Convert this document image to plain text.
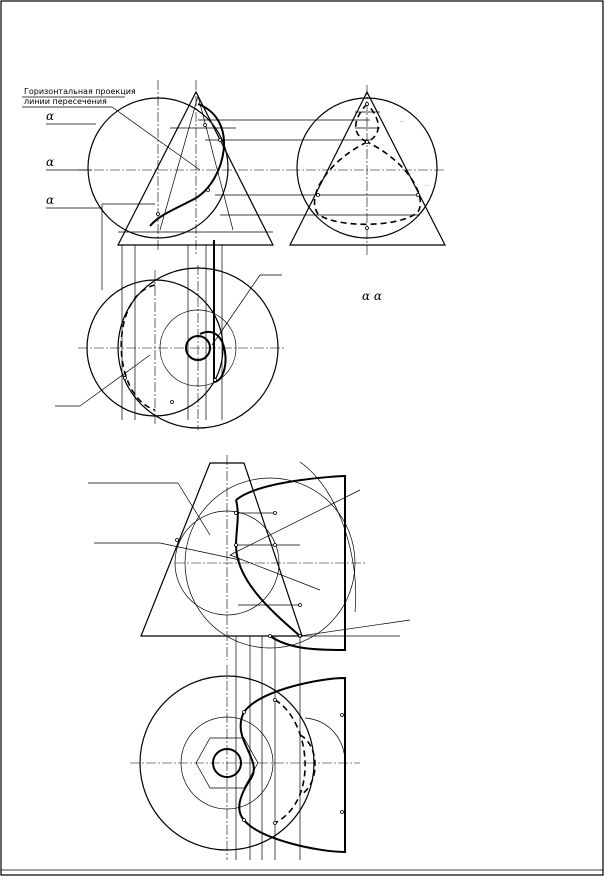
Горизонтальная проекция
линии пересечения
α
α
α
α α
...
...
